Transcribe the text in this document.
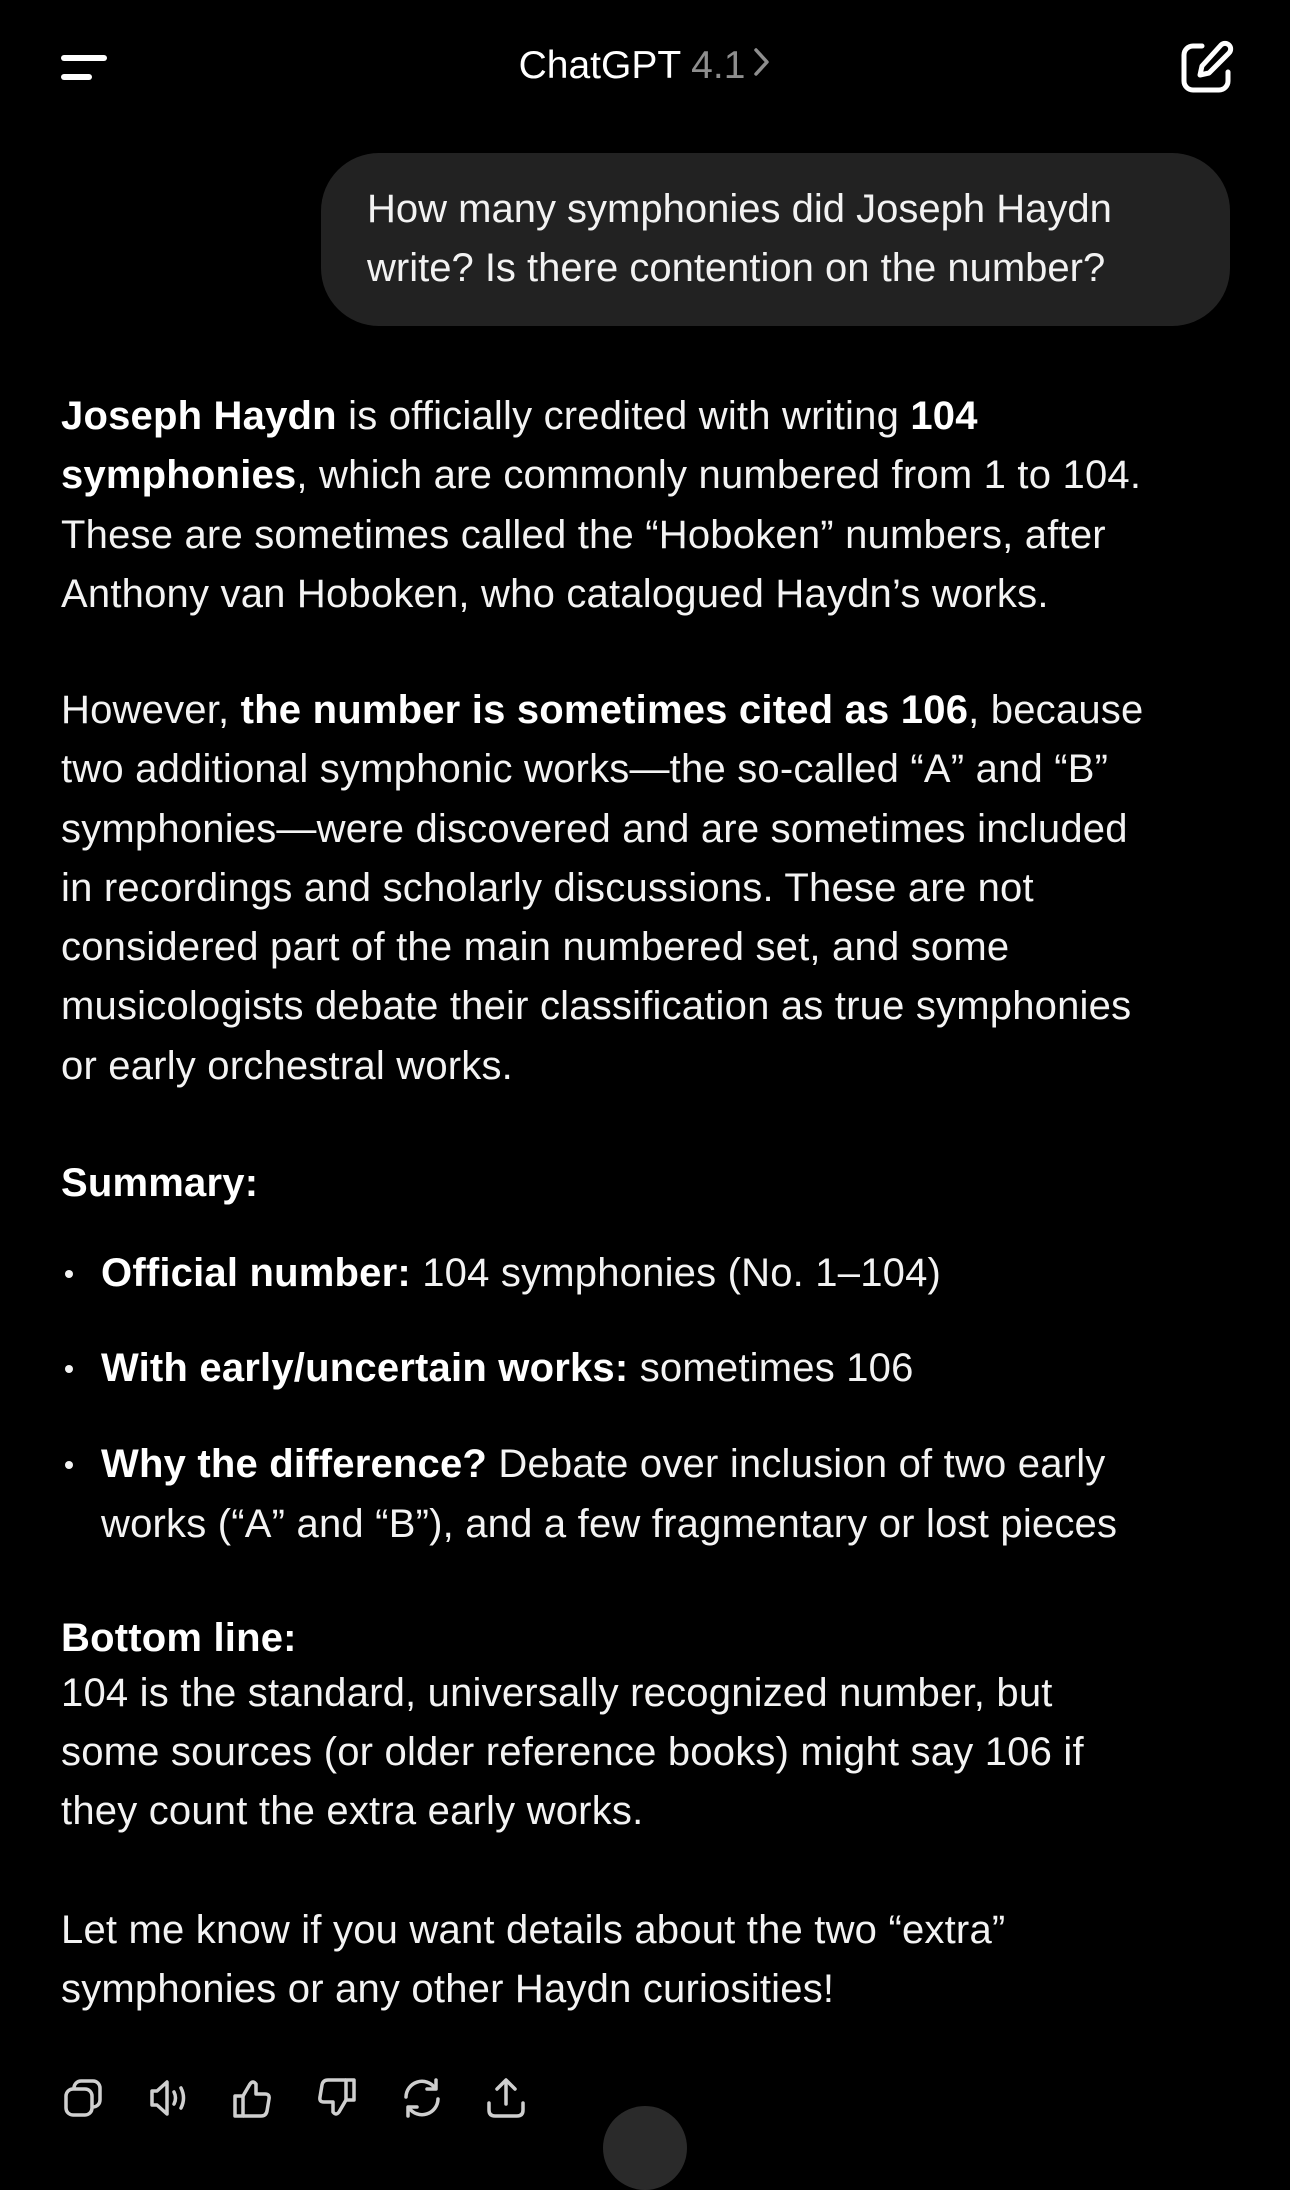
ChatGPT 4.1
How many symphonies did Joseph Haydn
write? Is there contention on the number?
Joseph Haydn is officially credited with writing 104
symphonies, which are commonly numbered from 1 to 104.
These are sometimes called the “Hoboken” numbers, after
Anthony van Hoboken, who catalogued Haydn’s works.
However, the number is sometimes cited as 106, because
two additional symphonic works—the so-called “A” and “B”
symphonies—were discovered and are sometimes included
in recordings and scholarly discussions. These are not
considered part of the main numbered set, and some
musicologists debate their classification as true symphonies
or early orchestral works.
Summary:
Official number: 104 symphonies (No. 1–104)
With early/uncertain works: sometimes 106
Why the difference? Debate over inclusion of two early
works (“A” and “B”), and a few fragmentary or lost pieces
Bottom line:
104 is the standard, universally recognized number, but
some sources (or older reference books) might say 106 if
they count the extra early works.
Let me know if you want details about the two “extra”
symphonies or any other Haydn curiosities!
